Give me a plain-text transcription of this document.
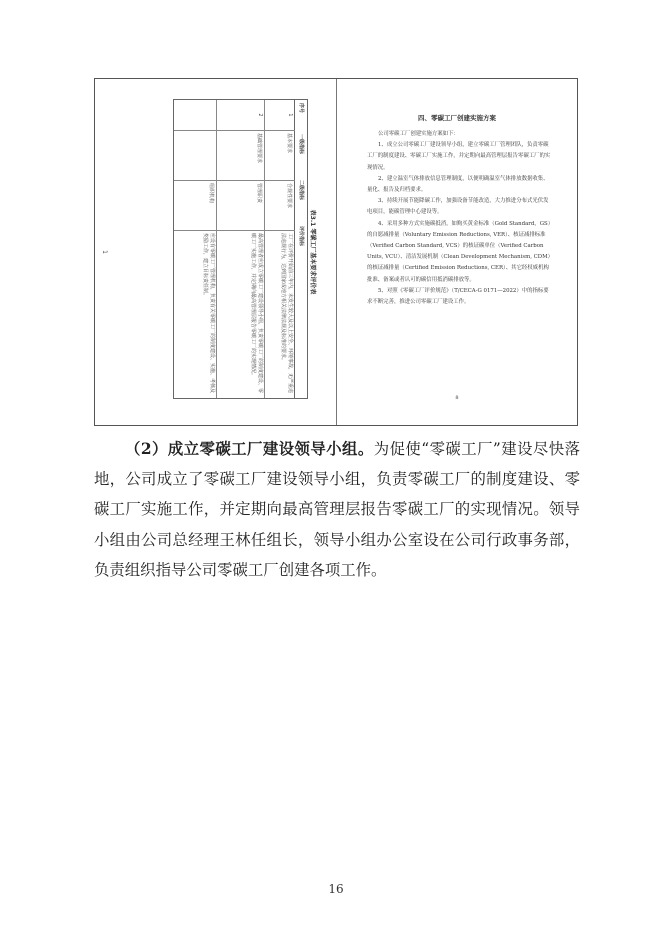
表3.1 零碳工厂基本要求评价表
序号
一级指标
二级指标
评价指标
1
基本要求
合规性要求
工厂在评价开始前三年内，未发生较大及以上安全、环境事故，无严重违法违规行为，达到国家或地方相关法律法规及标准的要求。
2
基础管理要求
管理职责
最高管理者应成立零碳工厂建设领导小组，负责零碳工厂的制度建设、零碳工厂实施工作，并定期向最高管理层报告零碳工厂的实现情况。
组织机构
应设有零碳工厂管理机构，负责有关零碳工厂的制度建设、实施、考核及奖励工作，建立目标责任制。
1
四、零碳工厂创建实施方案

公司零碳工厂创建实施方案如下：

1、成立公司零碳工厂建设领导小组，建立零碳工厂管理团队，负责零碳工厂的制度建设、零碳工厂实施工作，并定期向最高管理层报告零碳工厂的实现情况。

2、建立温室气体排放信息管理制度，以便明确温室气体排放数据收集、量化、报告及归档要求。

3、持续开展节能降碳工作，加强设备节能改造，大力推进分布式光伏发电项目，能碳管理中心建设等。

4、采用多种方式实施碳抵消，如购买黄金标准（Gold Standard，GS）的自愿减排量（Voluntary Emission Reductions, VER）、核证减排标准（Verified Carbon Standard, VCS）的核证碳单位（Verified Carbon Units, VCU）、清洁发展机制（Clean Development Mechanism, CDM）的核证减排量（Certified Emission Reductions, CER）、其它经权威机构批准、备案或者认可的碳信用抵消碳排放等。

5、对照《零碳工厂评价规范》（T/CECA-G 0171—2022）中的指标要求不断完善，推进公司零碳工厂建设工作。

8

（2）成立零碳工厂建设领导小组。为促使“零碳工厂”建设尽快落地，公司成立了零碳工厂建设领导小组，负责零碳工厂的制度建设、零碳工厂实施工作，并定期向最高管理层报告零碳工厂的实现情况。领导小组由公司总经理王林任组长，领导小组办公室设在公司行政事务部，负责组织指导公司零碳工厂创建各项工作。

16
